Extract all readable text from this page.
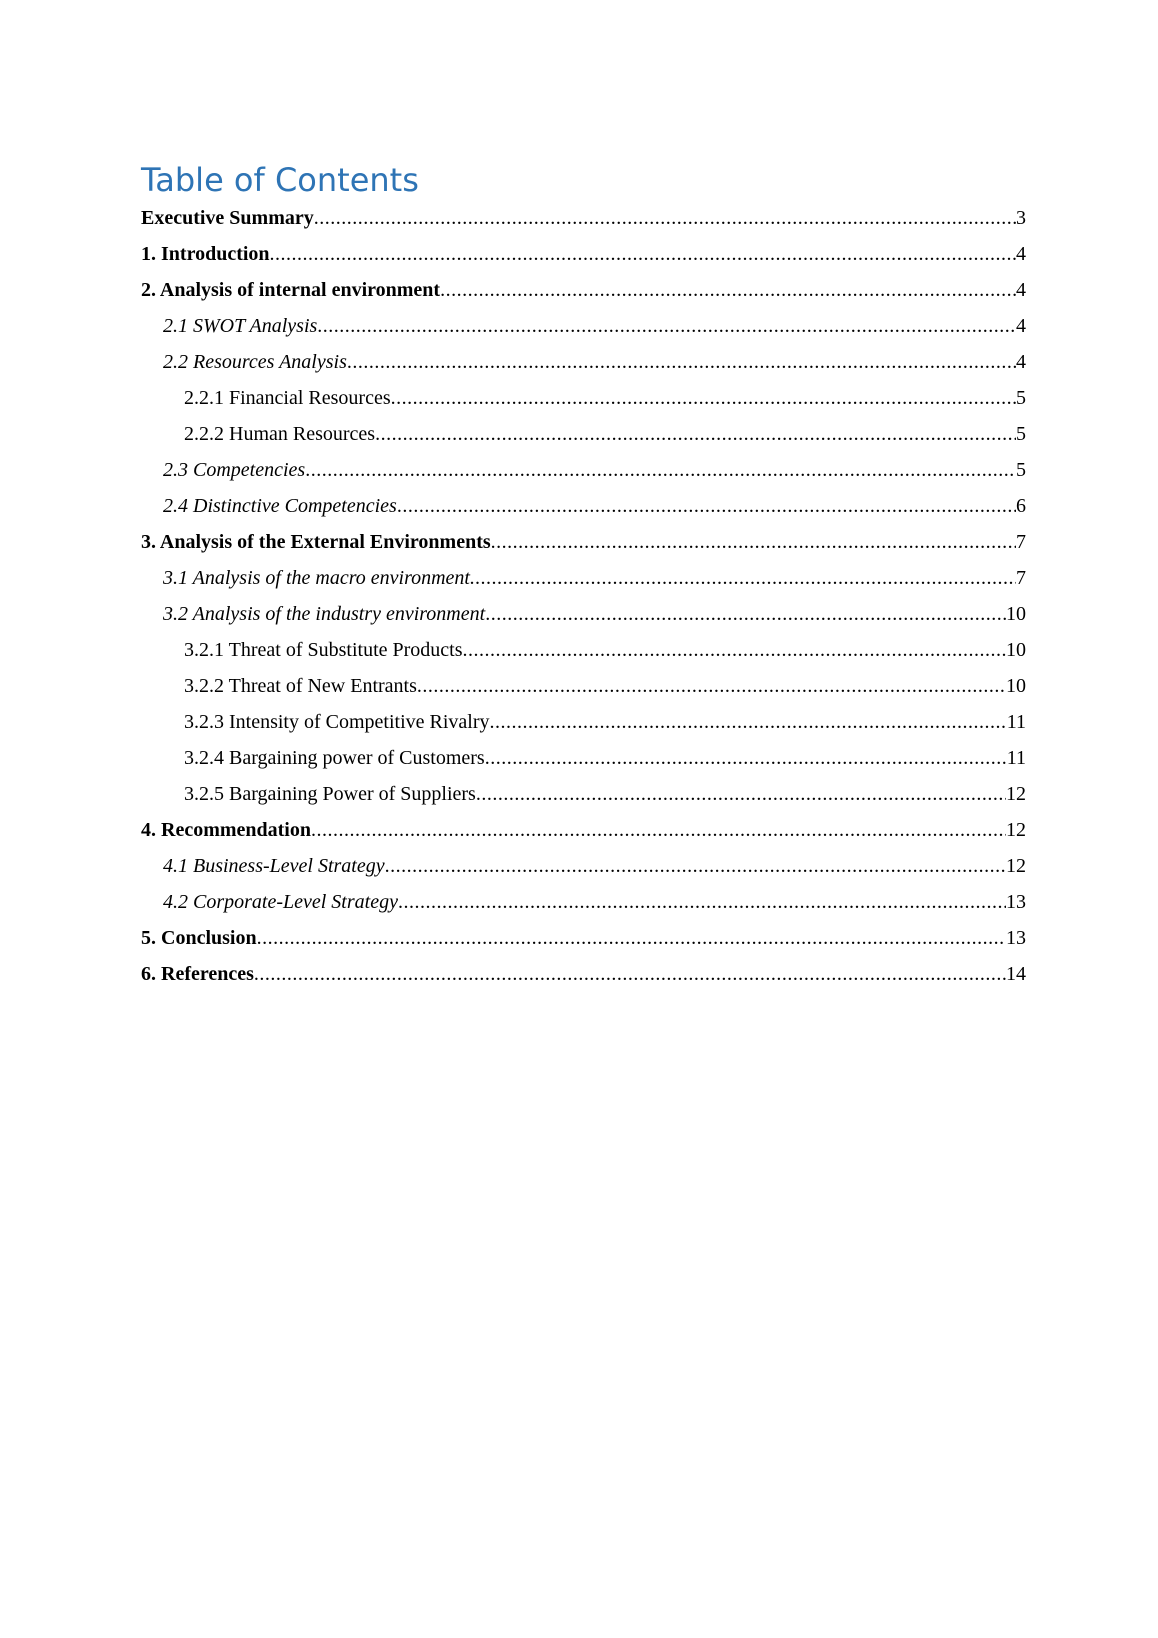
Table of Contents
Executive Summary .....	3
1. Introduction .....	4
2. Analysis of internal environment .....	4
2.1 SWOT Analysis .....	4
2.2 Resources Analysis .....	4
2.2.1 Financial Resources .....	5
2.2.2 Human Resources .....	5
2.3 Competencies .....	5
2.4 Distinctive Competencies .....	6
3. Analysis of the External Environments .....	7
3.1 Analysis of the macro environment. .....	7
3.2 Analysis of the industry environment .....	10
3.2.1 Threat of Substitute Products .....	10
3.2.2 Threat of New Entrants .....	10
3.2.3 Intensity of Competitive Rivalry .....	11
3.2.4 Bargaining power of Customers .....	11
3.2.5 Bargaining Power of Suppliers .....	12
4. Recommendation .....	12
4.1 Business-Level Strategy .....	12
4.2 Corporate-Level Strategy .....	13
5. Conclusion .....	13
6. References .....	14
